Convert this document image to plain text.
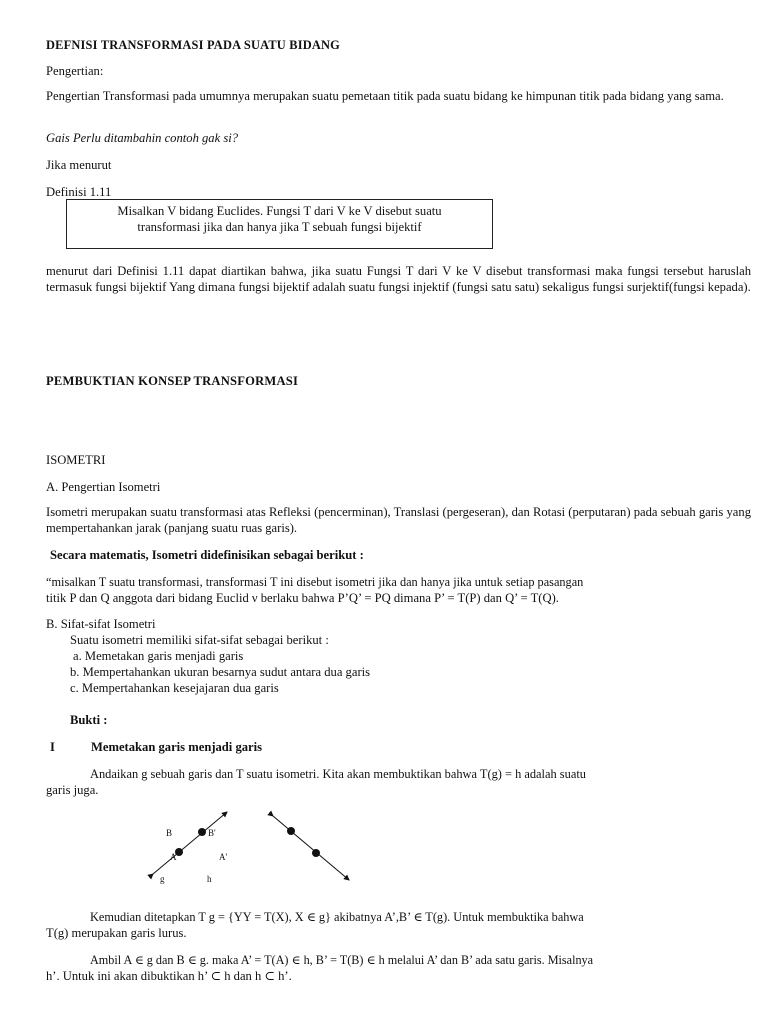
DEFNISI TRANSFORMASI PADA SUATU BIDANG
Pengertian:
Pengertian Transformasi pada umumnya merupakan suatu pemetaan titik pada suatu bidang ke himpunan titik pada bidang yang sama.
Gais Perlu ditambahin contoh gak si?
Jika menurut
Definisi 1.11
Misalkan V bidang Euclides. Fungsi T dari V ke V disebut suatu
transformasi jika dan hanya jika T sebuah fungsi bijektif
menurut dari Definisi 1.11 dapat diartikan bahwa, jika suatu Fungsi T dari V ke V disebut transformasi maka fungsi tersebut haruslah termasuk fungsi bijektif Yang dimana fungsi bijektif adalah suatu fungsi injektif (fungsi satu satu) sekaligus fungsi surjektif(fungsi kepada).
PEMBUKTIAN KONSEP TRANSFORMASI
ISOMETRI
A. Pengertian Isometri
Isometri merupakan suatu transformasi atas Refleksi (pencerminan), Translasi (pergeseran), dan Rotasi (perputaran) pada sebuah garis yang mempertahankan jarak (panjang suatu ruas garis).
Secara matematis, Isometri didefinisikan sebagai berikut :
“misalkan T suatu transformasi, transformasi T ini disebut isometri jika dan hanya jika untuk setiap pasangan
titik P dan Q anggota dari bidang Euclid ν berlaku bahwa P’Q’ = PQ dimana P’ = T(P) dan Q’ = T(Q).
B. Sifat-sifat Isometri
Suatu isometri memiliki sifat-sifat sebagai berikut :
a. Memetakan garis menjadi garis
b. Mempertahankan ukuran besarnya sudut antara dua garis
c. Mempertahankan kesejajaran dua garis
Bukti :
I	Memetakan garis menjadi garis
Andaikan g sebuah garis dan T suatu isometri. Kita akan membuktikan bahwa T(g) = h adalah suatu
garis juga.
B	B'
A	A'
g	h
Kemudian ditetapkan T g = {YY = T(X), X ∈ g} akibatnya A’,B’ ∈ T(g). Untuk membuktika bahwa
T(g) merupakan garis lurus.
Ambil A ∈ g dan B ∈ g. maka A’ = T(A) ∈ h, B’ = T(B) ∈ h melalui A’ dan B’ ada satu garis. Misalnya
h’. Untuk ini akan dibuktikan h’ ⊂ h dan h ⊂ h’.
